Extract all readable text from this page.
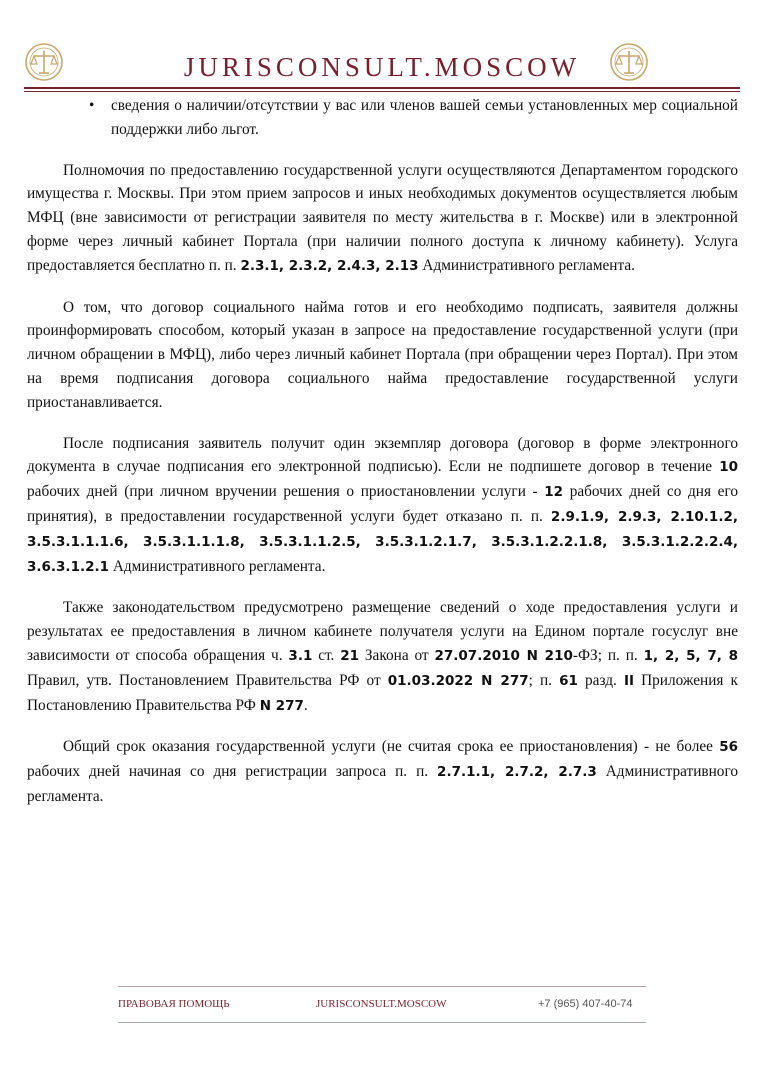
JURISCONSULT.MOSCOW
• сведения о наличии/отсутствии у вас или членов вашей семьи установленных мер социальной поддержки либо льгот.

Полномочия по предоставлению государственной услуги осуществляются Департаментом городского имущества г. Москвы. При этом прием запросов и иных необходимых документов осуществляется любым МФЦ (вне зависимости от регистрации заявителя по месту жительства в г. Москве) или в электронной форме через личный кабинет Портала (при наличии полного доступа к личному кабинету). Услуга предоставляется бесплатно п. п. 2.3.1, 2.3.2, 2.4.3, 2.13 Административного регламента.

О том, что договор социального найма готов и его необходимо подписать, заявителя должны проинформировать способом, который указан в запросе на предоставление государственной услуги (при личном обращении в МФЦ), либо через личный кабинет Портала (при обращении через Портал). При этом на время подписания договора социального найма предоставление государственной услуги приостанавливается.

После подписания заявитель получит один экземпляр договора (договор в форме электронного документа в случае подписания его электронной подписью). Если не подпишете договор в течение 10 рабочих дней (при личном вручении решения о приостановлении услуги - 12 рабочих дней со дня его принятия), в предоставлении государственной услуги будет отказано п. п. 2.9.1.9, 2.9.3, 2.10.1.2, 3.5.3.1.1.1.6, 3.5.3.1.1.1.8, 3.5.3.1.1.2.5, 3.5.3.1.2.1.7, 3.5.3.1.2.2.1.8, 3.5.3.1.2.2.2.4, 3.6.3.1.2.1 Административного регламента.

Также законодательством предусмотрено размещение сведений о ходе предоставления услуги и результатах ее предоставления в личном кабинете получателя услуги на Едином портале госуслуг вне зависимости от способа обращения ч. 3.1 ст. 21 Закона от 27.07.2010 N 210-ФЗ; п. п. 1, 2, 5, 7, 8 Правил, утв. Постановлением Правительства РФ от 01.03.2022 N 277; п. 61 разд. II Приложения к Постановлению Правительства РФ N 277.

Общий срок оказания государственной услуги (не считая срока ее приостановления) - не более 56 рабочих дней начиная со дня регистрации запроса п. п. 2.7.1.1, 2.7.2, 2.7.3 Административного регламента.

ПРАВОВАЯ ПОМОЩЬ	JURISCONSULT.MOSCOW	+7 (965) 407-40-74
